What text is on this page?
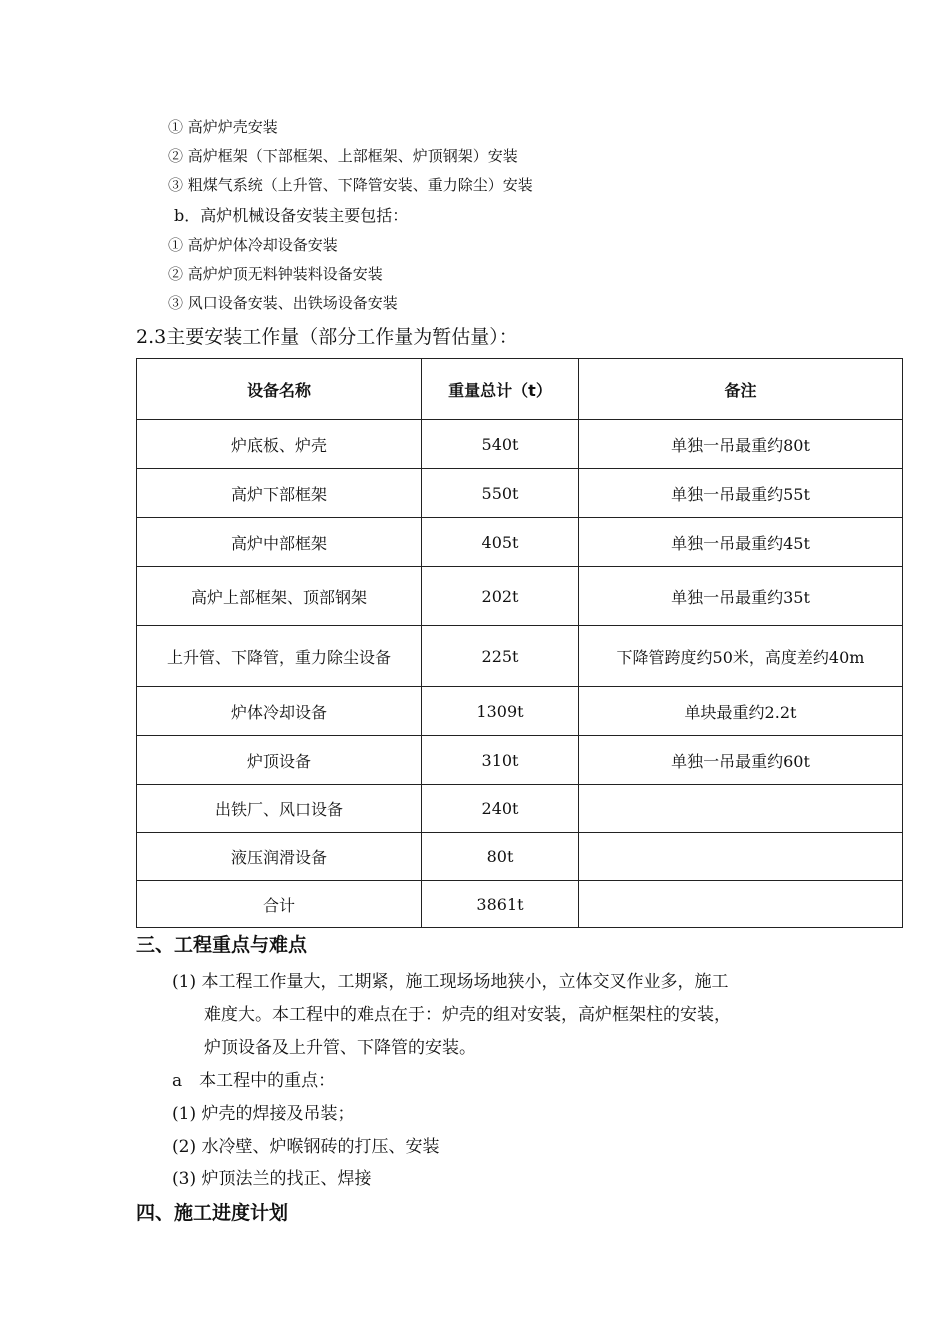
① 高炉炉壳安装
② 高炉框架（下部框架、上部框架、炉顶钢架）安装
③ 粗煤气系统（上升管、下降管安装、重力除尘）安装
b．高炉机械设备安装主要包括：
① 高炉炉体冷却设备安装
② 高炉炉顶无料钟装料设备安装
③ 风口设备安装、出铁场设备安装
2.3主要安装工作量（部分工作量为暂估量）：
设备名称	重量总计（t）	备注
炉底板、炉壳	540t	单独一吊最重约80t
高炉下部框架	550t	单独一吊最重约55t
高炉中部框架	405t	单独一吊最重约45t
高炉上部框架、顶部钢架	202t	单独一吊最重约35t
上升管、下降管，重力除尘设备	225t	下降管跨度约50米，高度差约40m
炉体冷却设备	1309t	单块最重约2.2t
炉顶设备	310t	单独一吊最重约60t
出铁厂、风口设备	240t	
液压润滑设备	80t	
合计	3861t	
三、工程重点与难点
(1) 本工程工作量大，工期紧，施工现场场地狭小，立体交叉作业多，施工
难度大。本工程中的难点在于：炉壳的组对安装，高炉框架柱的安装，
炉顶设备及上升管、下降管的安装。
a　本工程中的重点：
(1) 炉壳的焊接及吊装；
(2) 水冷壁、炉喉钢砖的打压、安装
(3) 炉顶法兰的找正、焊接
四、施工进度计划
